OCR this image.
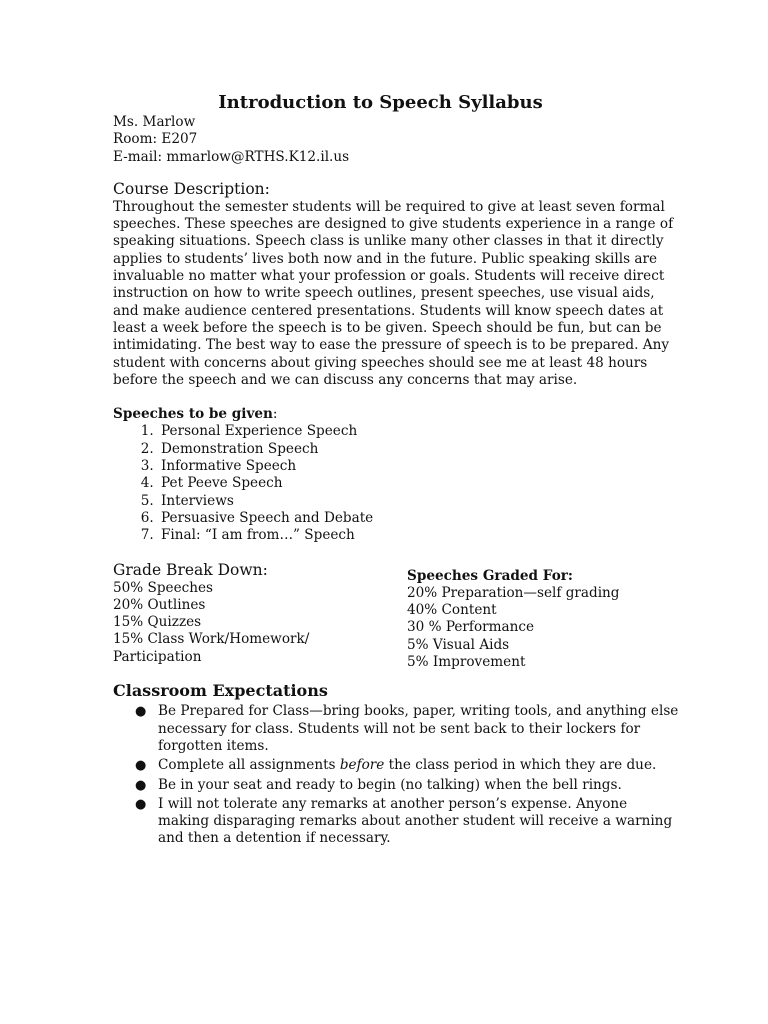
Introduction to Speech Syllabus
Ms. Marlow
Room: E207
E-mail: mmarlow@RTHS.K12.il.us
Course Description:
Throughout the semester students will be required to give at least seven formal
speeches. These speeches are designed to give students experience in a range of
speaking situations. Speech class is unlike many other classes in that it directly
applies to students’ lives both now and in the future. Public speaking skills are
invaluable no matter what your profession or goals. Students will receive direct
instruction on how to write speech outlines, present speeches, use visual aids,
and make audience centered presentations. Students will know speech dates at
least a week before the speech is to be given. Speech should be fun, but can be
intimidating. The best way to ease the pressure of speech is to be prepared. Any
student with concerns about giving speeches should see me at least 48 hours
before the speech and we can discuss any concerns that may arise.
Speeches to be given:
1. Personal Experience Speech
2. Demonstration Speech
3. Informative Speech
4. Pet Peeve Speech
5. Interviews
6. Persuasive Speech and Debate
7. Final: “I am from…” Speech
Grade Break Down:
50% Speeches
20% Outlines
15% Quizzes
15% Class Work/Homework/
Participation
Speeches Graded For:
20% Preparation—self grading
40% Content
30 % Performance
5% Visual Aids
5% Improvement
Classroom Expectations
● Be Prepared for Class—bring books, paper, writing tools, and anything else
necessary for class. Students will not be sent back to their lockers for
forgotten items.
● Complete all assignments before the class period in which they are due.
● Be in your seat and ready to begin (no talking) when the bell rings.
● I will not tolerate any remarks at another person’s expense. Anyone
making disparaging remarks about another student will receive a warning
and then a detention if necessary.
